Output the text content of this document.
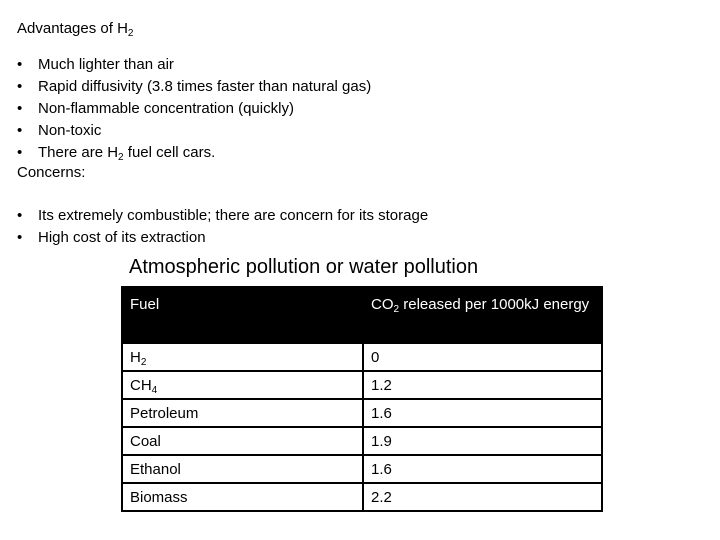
Advantages of $H_2$
• Much lighter than air
• Rapid diffusivity (3.8 times faster than natural gas)
• Non-flammable concentration (quickly)
• Non-toxic
• There are $H_2$ fuel cell cars.
Concerns:
• Its extremely combustible; there are concern for its storage
• High cost of its extraction
Atmospheric pollution or water pollution
Fuel	$CO_2$ released per 1000kJ energy
$H_2$	0
$CH_4$	1.2
Petroleum	1.6
Coal	1.9
Ethanol	1.6
Biomass	2.2
